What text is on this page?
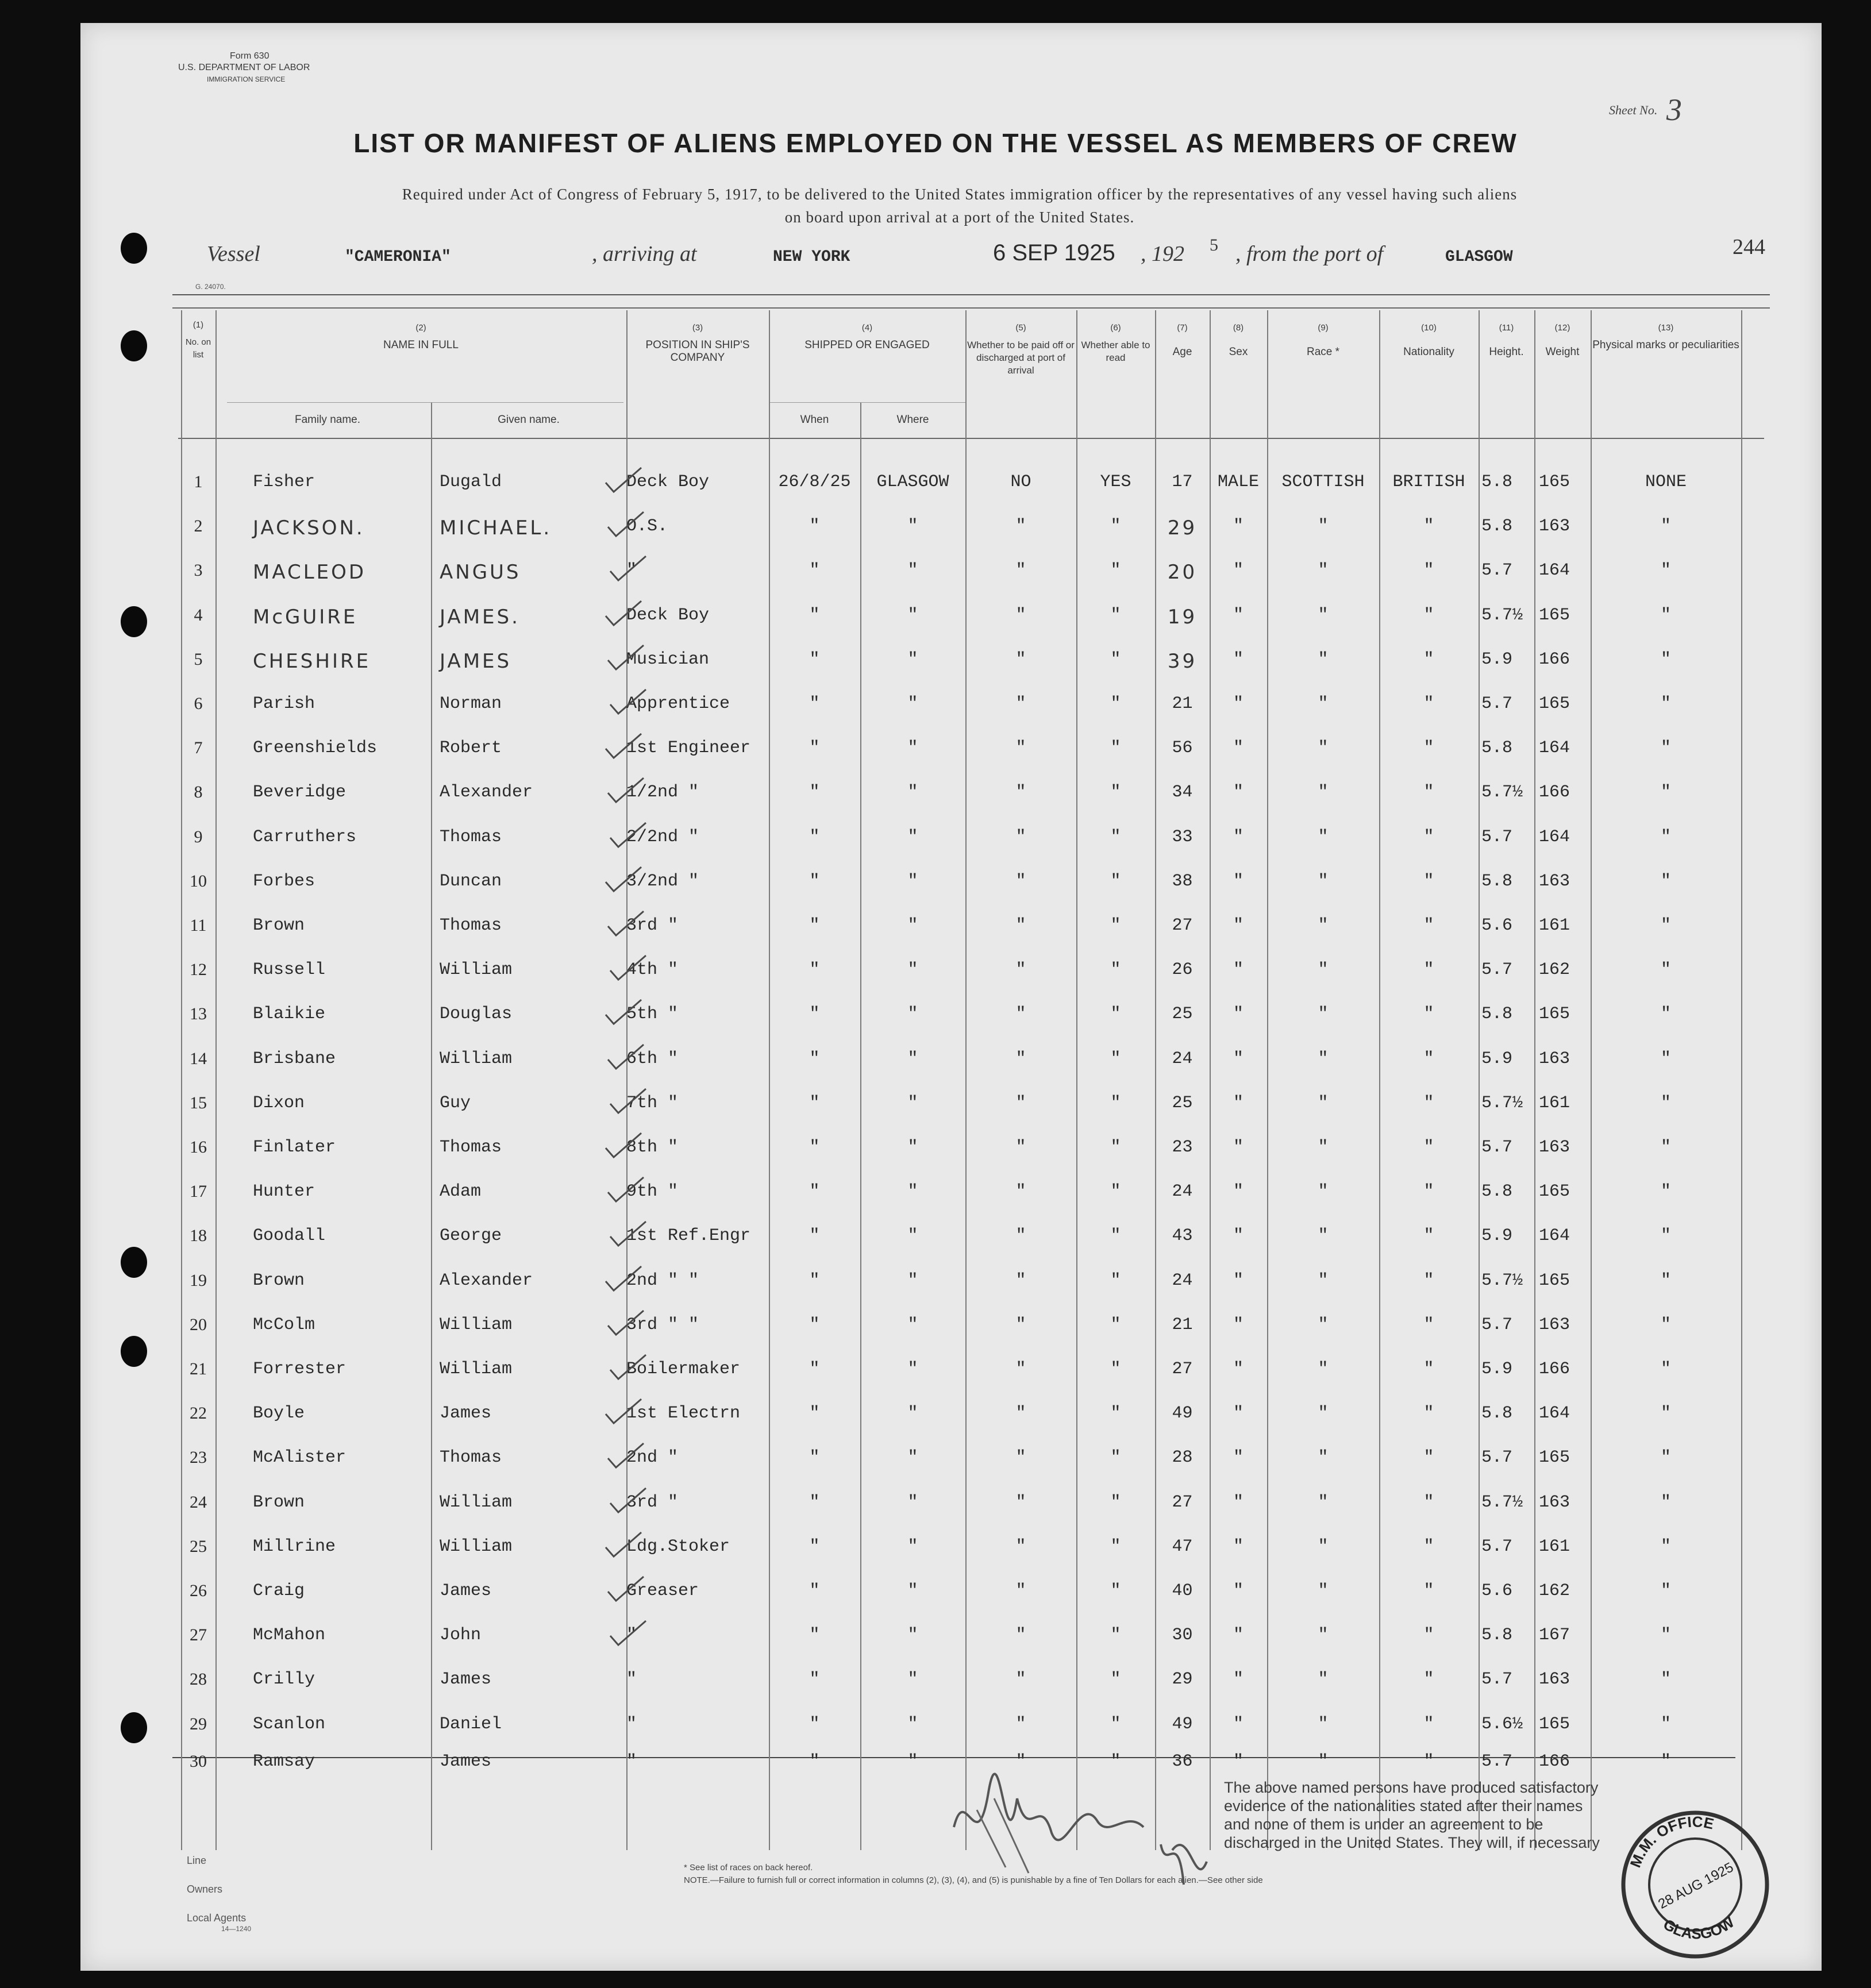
Form 630
U.S. DEPARTMENT OF LABOR
IMMIGRATION SERVICE
Sheet No. 3
LIST OR MANIFEST OF ALIENS EMPLOYED ON THE VESSEL AS MEMBERS OF CREW
Required under Act of Congress of February 5, 1917, to be delivered to the United States immigration officer by the representatives of any vessel having such aliens
on board upon arrival at a port of the United States.
Vessel	"CAMERONIA"	, arriving at	NEW YORK	6 SEP 1925 , 192 5 , from the port of	GLASGOW	244
G. 24070.
(1)
No. on list
(2)
NAME IN FULL
Family name.	Given name.
(3)
POSITION IN SHIP'S COMPANY
(4)
SHIPPED OR ENGAGED
When	Where
(5)
Whether to be paid off or discharged at port of arrival
(6)
Whether able to read
(7)
Age
(8)
Sex
(9)
Race *
(10)
Nationality
(11)
Height.
(12)
Weight
(13)
Physical marks or peculiarities
1	Fisher	Dugald	Deck Boy	26/8/25	GLASGOW	NO	YES	17	MALE	SCOTTISH	BRITISH 5.8	165	NONE
2	JACKSON.	MICHAEL.	O.S.	"	"	"	"	29	"	"	"	5.8	163	"
3	MACLEOD	ANGUS	"	"	"	"	"	20	"	"	"	5.7	164	"
4	McGUIRE	JAMES.	Deck Boy	"	"	"	"	19	"	"	"	5.7½ 165	"
5	CHESHIRE	JAMES	Musician	"	"	"	"	39	"	"	"	5.9	166	"
6	Parish	Norman	Apprentice	"	"	"	"	21	"	"	"	5.7	165	"
7	Greenshields	Robert	1st Engineer	"	"	"	"	56	"	"	"	5.8	164	"
8	Beveridge	Alexander	1/2nd "	"	"	"	"	34	"	"	"	5.7½ 166	"
9	Carruthers	Thomas	2/2nd "	"	"	"	"	33	"	"	"	5.7	164	"
10	Forbes	Duncan	3/2nd "	"	"	"	"	38	"	"	"	5.8	163	"
11	Brown	Thomas	3rd "	"	"	"	"	27	"	"	"	5.6	161	"
12	Russell	William	4th "	"	"	"	"	26	"	"	"	5.7	162	"
13	Blaikie	Douglas	5th "	"	"	"	"	25	"	"	"	5.8	165	"
14	Brisbane	William	6th "	"	"	"	"	24	"	"	"	5.9	163	"
15	Dixon	Guy	7th "	"	"	"	"	25	"	"	"	5.7½ 161	"
16	Finlater	Thomas	8th "	"	"	"	"	23	"	"	"	5.7	163	"
17	Hunter	Adam	9th "	"	"	"	"	24	"	"	"	5.8	165	"
18	Goodall	George	1st Ref.Engr	"	"	"	"	43	"	"	"	5.9	164	"
19	Brown	Alexander	2nd " "	"	"	"	"	24	"	"	"	5.7½ 165	"
20	McColm	William	3rd " "	"	"	"	"	21	"	"	"	5.7	163	"
21	Forrester	William	Boilermaker	"	"	"	"	27	"	"	"	5.9	166	"
22	Boyle	James	1st Electrn	"	"	"	"	49	"	"	"	5.8	164	"
23	McAlister	Thomas	2nd "	"	"	"	"	28	"	"	"	5.7	165	"
24	Brown	William	3rd "	"	"	"	"	27	"	"	"	5.7½ 163	"
25	Millrine	William	Ldg.Stoker	"	"	"	"	47	"	"	"	5.7	161	"
26	Craig	James	Greaser	"	"	"	"	40	"	"	"	5.6	162	"
27	McMahon	John	"	"	"	"	"	30	"	"	"	5.8	167	"
28	Crilly	James	"	"	"	"	"	29	"	"	"	5.7	163	"
29	Scanlon	Daniel	"	"	"	"	"	49	"	"	"	5.6½ 165	"
30	Ramsay	James	"	"	"	"	"	36	"	"	"	5.7	166	"
Line
Owners
Local Agents
14—1240
* See list of races on back hereof.
NOTE.—Failure to furnish full or correct information in columns (2), (3), (4), and (5) is punishable by a fine of Ten Dollars for each alien.—See other side
The above named persons have produced satisfactory evidence of the nationalities stated after their names and none of them is under an agreement to be discharged in the United States. They will, if necessary
M.M. OFFICE
28 AUG 1925
GLASGOW
